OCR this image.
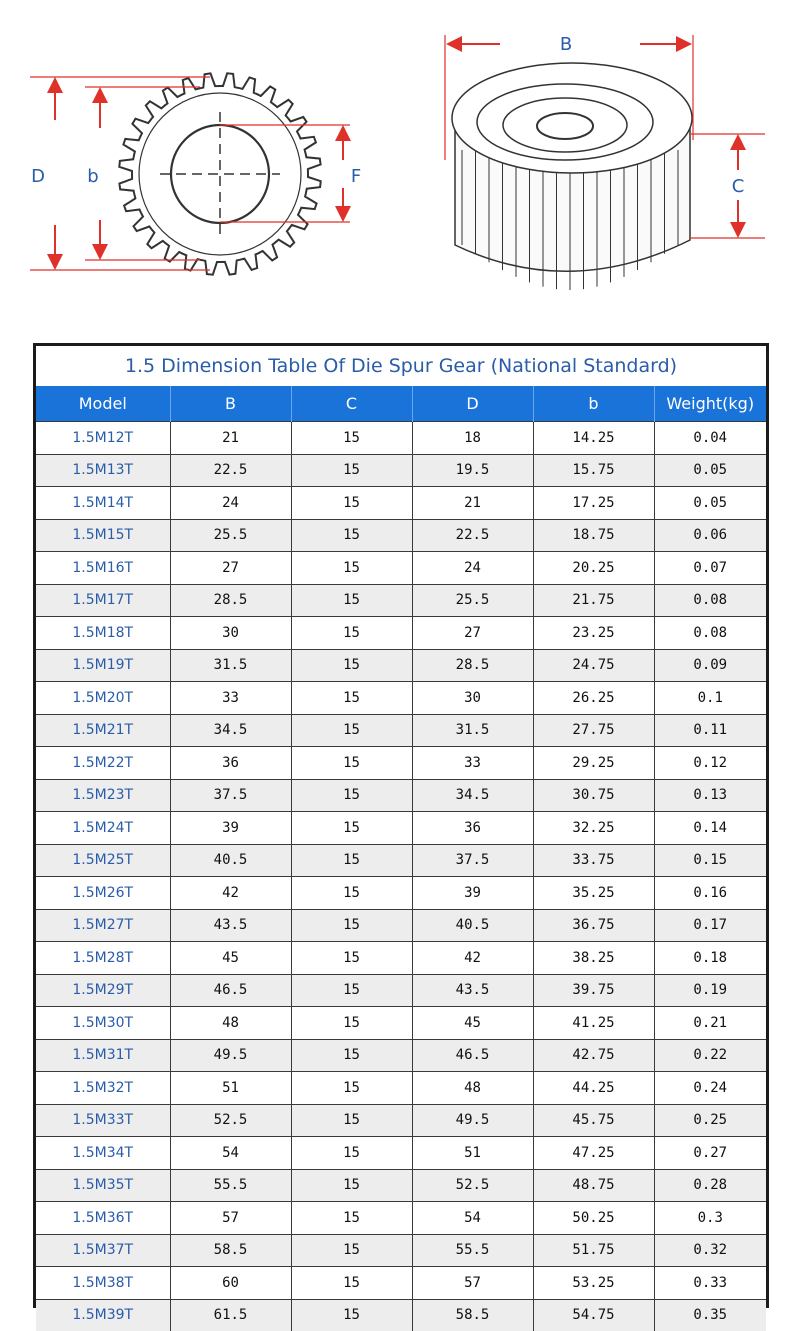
D b	F
B
C
1.5 Dimension Table Of Die Spur Gear (National Standard)
Model	B	C	D	b	Weight(kg)
1.5M12T	21	15	18	14.25	0.04
1.5M13T	22.5	15	19.5	15.75	0.05
1.5M14T	24	15	21	17.25	0.05
1.5M15T	25.5	15	22.5	18.75	0.06
1.5M16T	27	15	24	20.25	0.07
1.5M17T	28.5	15	25.5	21.75	0.08
1.5M18T	30	15	27	23.25	0.08
1.5M19T	31.5	15	28.5	24.75	0.09
1.5M20T	33	15	30	26.25	0.1
1.5M21T	34.5	15	31.5	27.75	0.11
1.5M22T	36	15	33	29.25	0.12
1.5M23T	37.5	15	34.5	30.75	0.13
1.5M24T	39	15	36	32.25	0.14
1.5M25T	40.5	15	37.5	33.75	0.15
1.5M26T	42	15	39	35.25	0.16
1.5M27T	43.5	15	40.5	36.75	0.17
1.5M28T	45	15	42	38.25	0.18
1.5M29T	46.5	15	43.5	39.75	0.19
1.5M30T	48	15	45	41.25	0.21
1.5M31T	49.5	15	46.5	42.75	0.22
1.5M32T	51	15	48	44.25	0.24
1.5M33T	52.5	15	49.5	45.75	0.25
1.5M34T	54	15	51	47.25	0.27
1.5M35T	55.5	15	52.5	48.75	0.28
1.5M36T	57	15	54	50.25	0.3
1.5M37T	58.5	15	55.5	51.75	0.32
1.5M38T	60	15	57	53.25	0.33
1.5M39T	61.5	15	58.5	54.75	0.35
